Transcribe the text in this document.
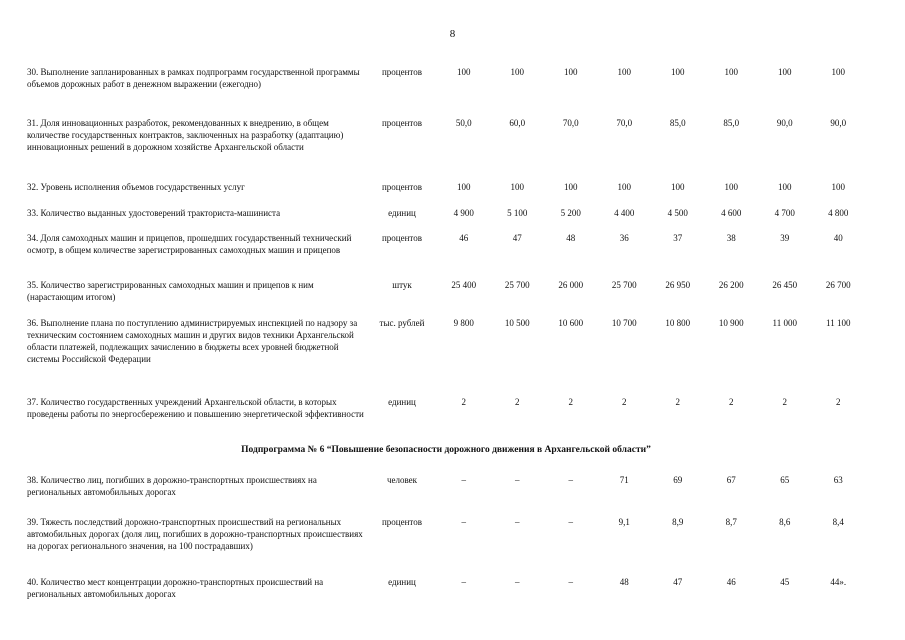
8
30. Выполнение запланированных в рамках подпрограмм государственной программы объемов дорожных работ в денежном выражении (ежегодно)	процентов	100	100	100	100	100	100	100	100
31. Доля инновационных разработок, рекомендованных к внедрению, в общем количестве государственных контрактов, заключенных на разработку (адаптацию) инновационных решений в дорожном хозяйстве Архангельской области	процентов	50,0	60,0	70,0	70,0	85,0	85,0	90,0	90,0
32. Уровень исполнения объемов государственных услуг	процентов	100	100	100	100	100	100	100	100
33. Количество выданных удостоверений тракториста-машиниста	единиц	4 900	5 100	5 200	4 400	4 500	4 600	4 700	4 800
34. Доля самоходных машин и прицепов, прошедших государственный технический осмотр, в общем количестве зарегистрированных самоходных машин и прицепов	процентов	46	47	48	36	37	38	39	40
35. Количество зарегистрированных самоходных машин и прицепов к ним (нарастающим итогом)	штук	25 400	25 700	26 000	25 700	26 950	26 200	26 450	26 700
36. Выполнение плана по поступлению администрируемых инспекцией по надзору за техническим состоянием самоходных машин и других видов техники Архангельской области платежей, подлежащих зачислению в бюджеты всех уровней бюджетной системы Российской Федерации	тыс. рублей	9 800	10 500	10 600	10 700	10 800	10 900	11 000	11 100
37. Количество государственных учреждений Архангельской области, в которых проведены работы по энергосбережению и повышению энергетической эффективности	единиц	2	2	2	2	2	2	2	2
Подпрограмма № 6 “Повышение безопасности дорожного движения в Архангельской области”									
38. Количество лиц, погибших в дорожно-транспортных происшествиях на региональных автомобильных дорогах	человек	–	–	–	71	69	67	65	63
39. Тяжесть последствий дорожно-транспортных происшествий на региональных автомобильных дорогах (доля лиц, погибших в дорожно-транспортных происшествиях на дорогах регионального значения, на 100 пострадавших)	процентов	–	–	–	9,1	8,9	8,7	8,6	8,4
40. Количество мест концентрации дорожно-транспортных происшествий на региональных автомобильных дорогах	единиц	–	–	–	48	47	46	45	44».
